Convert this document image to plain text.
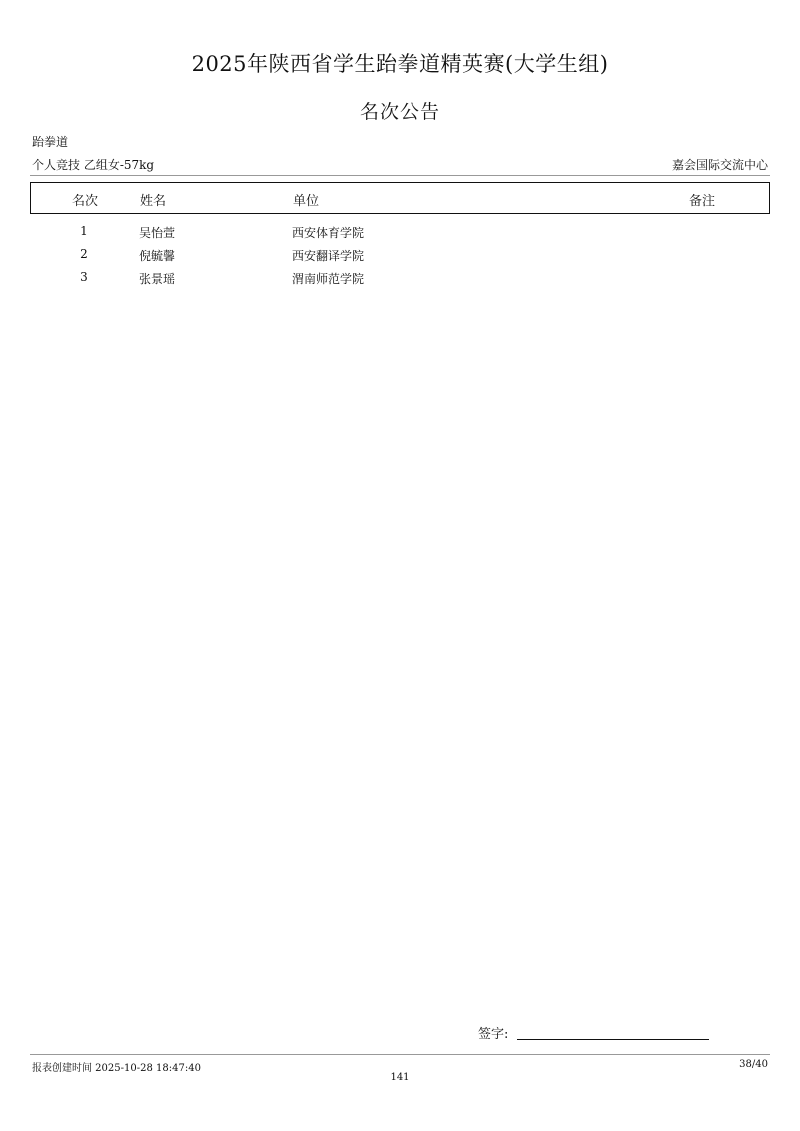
2025年陕西省学生跆拳道精英赛(大学生组)
名次公告
跆拳道
个人竞技 乙组女-57kg	嘉会国际交流中心
名次	姓名	单位	备注
1	吴怡萱	西安体育学院
2	倪毓馨	西安翻译学院
3	张景瑶	渭南师范学院
签字:
报表创建时间 2025-10-28 18:47:40	38/40
141
